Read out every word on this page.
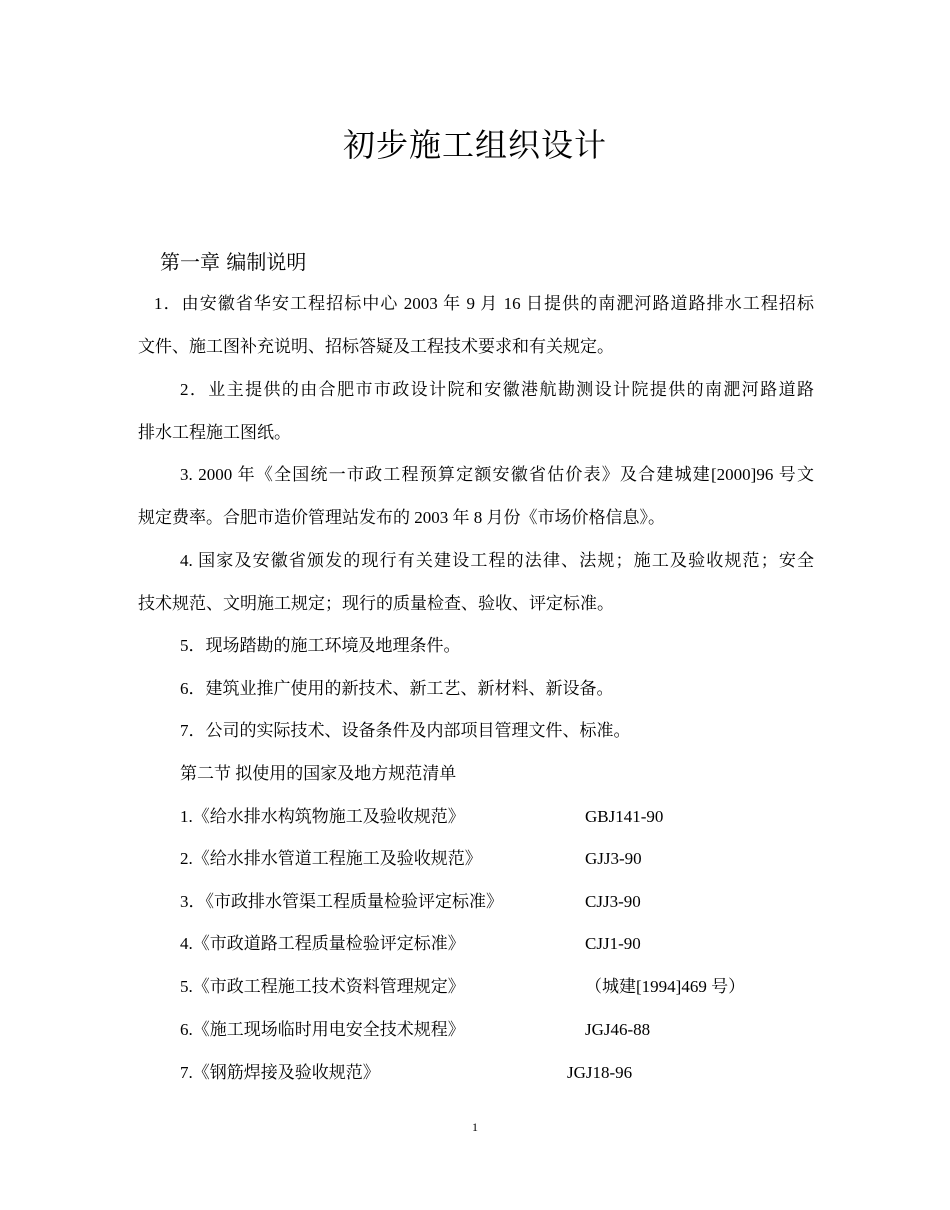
初步施工组织设计
第一章 编制说明
1．由安徽省华安工程招标中心 2003 年 9 月 16 日提供的南淝河路道路排水工程招标
文件、施工图补充说明、招标答疑及工程技术要求和有关规定。
2．业主提供的由合肥市市政设计院和安徽港航勘测设计院提供的南淝河路道路
排水工程施工图纸。
3. 2000 年《全国统一市政工程预算定额安徽省估价表》及合建城建[2000]96 号文
规定费率。合肥市造价管理站发布的 2003 年 8 月份《市场价格信息》。
4. 国家及安徽省颁发的现行有关建设工程的法律、法规；施工及验收规范；安全
技术规范、文明施工规定；现行的质量检查、验收、评定标准。
5．现场踏勘的施工环境及地理条件。
6．建筑业推广使用的新技术、新工艺、新材料、新设备。
7．公司的实际技术、设备条件及内部项目管理文件、标准。
第二节 拟使用的国家及地方规范清单
1.《给水排水构筑物施工及验收规范》	GBJ141-90
2.《给水排水管道工程施工及验收规范》	GJJ3-90
3．《市政排水管渠工程质量检验评定标准》	CJJ3-90
4.《市政道路工程质量检验评定标准》	CJJ1-90
5.《市政工程施工技术资料管理规定》	（城建[1994]469 号）
6.《施工现场临时用电安全技术规程》	JGJ46-88
7.《钢筋焊接及验收规范》	JGJ18-96
1
